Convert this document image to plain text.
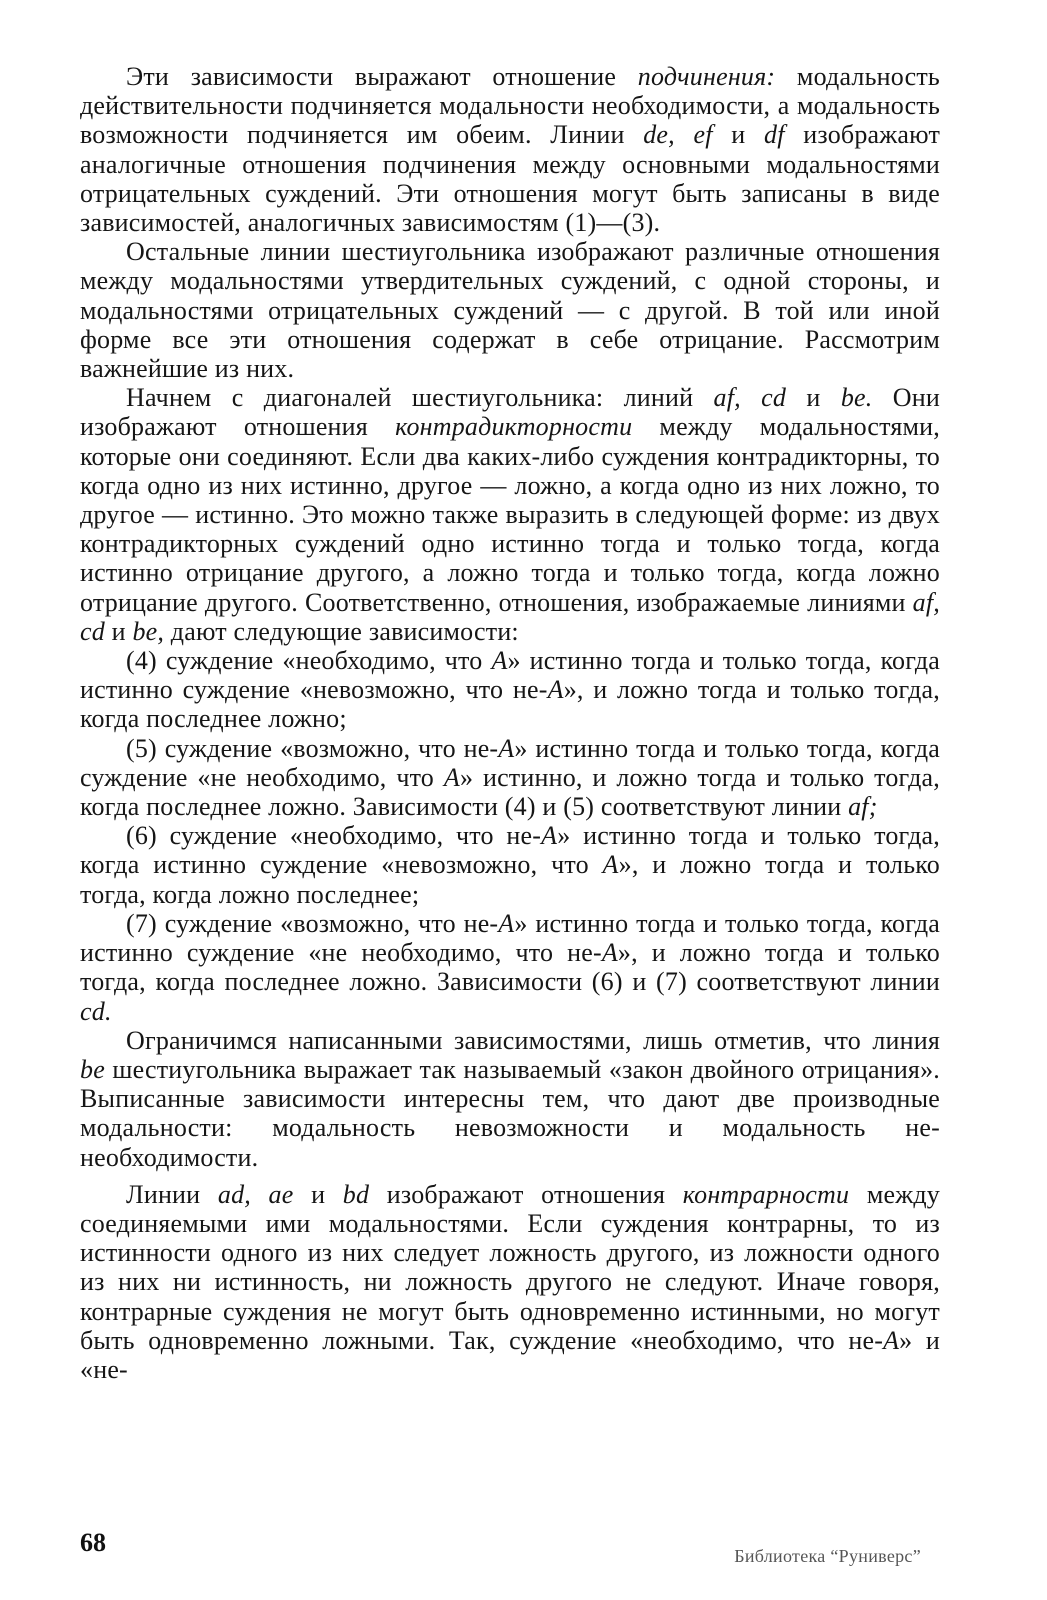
Эти зависимости выражают отношение подчинения: модальность действительности подчиняется модальности необходимости, а модальность возможности подчиняется им обеим. Линии de, ef и df изображают аналогичные отношения подчинения между основными модальностями отрицательных суждений. Эти отношения могут быть записаны в виде зависимостей, аналогичных зависимостям (1)—(3).

Остальные линии шестиугольника изображают различные отношения между модальностями утвердительных суждений, с одной стороны, и модальностями отрицательных суждений — с другой. В той или иной форме все эти отношения содержат в себе отрицание. Рассмотрим важнейшие из них.

Начнем с диагоналей шестиугольника: линий af, cd и be. Они изображают отношения контрадикторности между модальностями, которые они соединяют. Если два каких-либо суждения контрадикторны, то когда одно из них истинно, другое — ложно, а когда одно из них ложно, то другое — истинно. Это можно также выразить в следующей форме: из двух контрадикторных суждений одно истинно тогда и только тогда, когда истинно отрицание другого, а ложно тогда и только тогда, когда ложно отрицание другого. Соответственно, отношения, изображаемые линиями af, cd и be, дают следующие зависимости:

(4) суждение «необходимо, что А» истинно тогда и только тогда, когда истинно суждение «невозможно, что не-А», и ложно тогда и только тогда, когда последнее ложно;

(5) суждение «возможно, что не-А» истинно тогда и только тогда, когда суждение «не необходимо, что А» истинно, и ложно тогда и только тогда, когда последнее ложно. Зависимости (4) и (5) соответствуют линии af;

(6) суждение «необходимо, что не-А» истинно тогда и только тогда, когда истинно суждение «невозможно, что А», и ложно тогда и только тогда, когда ложно последнее;

(7) суждение «возможно, что не-А» истинно тогда и только тогда, когда истинно суждение «не необходимо, что не-А», и ложно тогда и только тогда, когда последнее ложно. Зависимости (6) и (7) соответствуют линии cd.

Ограничимся написанными зависимостями, лишь отметив, что линия be шестиугольника выражает так называемый «закон двойного отрицания». Выписанные зависимости интересны тем, что дают две производные модальности: модальность невозможности и модальность не-необходимости.

Линии ad, ae и bd изображают отношения контрарности между соединяемыми ими модальностями. Если суждения контрарны, то из истинности одного из них следует ложность другого, из ложности одного из них ни истинность, ни ложность другого не следуют. Иначе говоря, контрарные суждения не могут быть одновременно истинными, но могут быть одновременно ложными. Так, суждение «необходимо, что не-А» и «не-

68	Библиотека “Руниверс”
